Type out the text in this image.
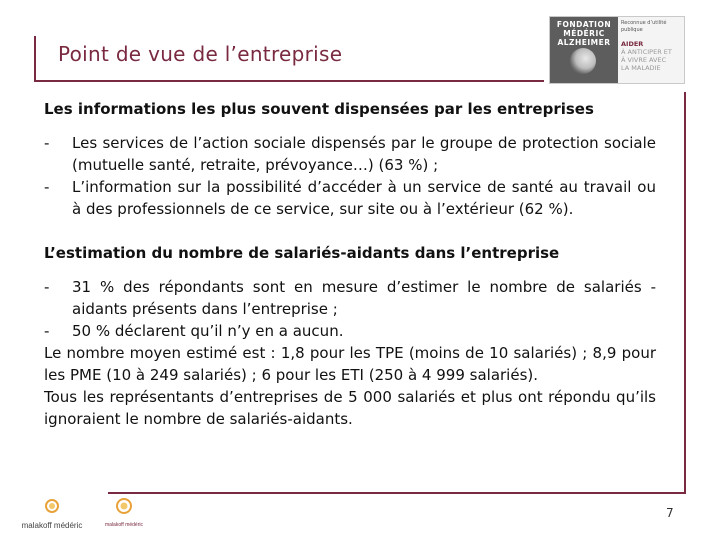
Point de vue de l’entreprise
FONDATION
MÉDÉRIC
ALZHEIMER
Reconnue d’utilité publique
AIDER
À ANTICIPER ET
À VIVRE AVEC
LA MALADIE

Les informations les plus souvent dispensées par les entreprises

- Les services de l’action sociale dispensés par le groupe de protection sociale (mutuelle santé, retraite, prévoyance…) (63 %) ;
- L’information sur la possibilité d’accéder à un service de santé au travail ou à des professionnels de ce service, sur site ou à l’extérieur (62 %).

L’estimation du nombre de salariés-aidants dans l’entreprise

- 31 % des répondants sont en mesure d’estimer le nombre de salariés -aidants présents dans l’entreprise ;
- 50 % déclarent qu’il n’y en a aucun.

Le nombre moyen estimé est : 1,8 pour les TPE (moins de 10 salariés) ; 8,9 pour les PME (10 à 249 salariés) ; 6 pour les ETI (250 à 4 999 salariés).

Tous les représentants d’entreprises de 5 000 salariés et plus ont répondu qu’ils ignoraient le nombre de salariés-aidants.

malakoff médéric	malakoff médéric
7
